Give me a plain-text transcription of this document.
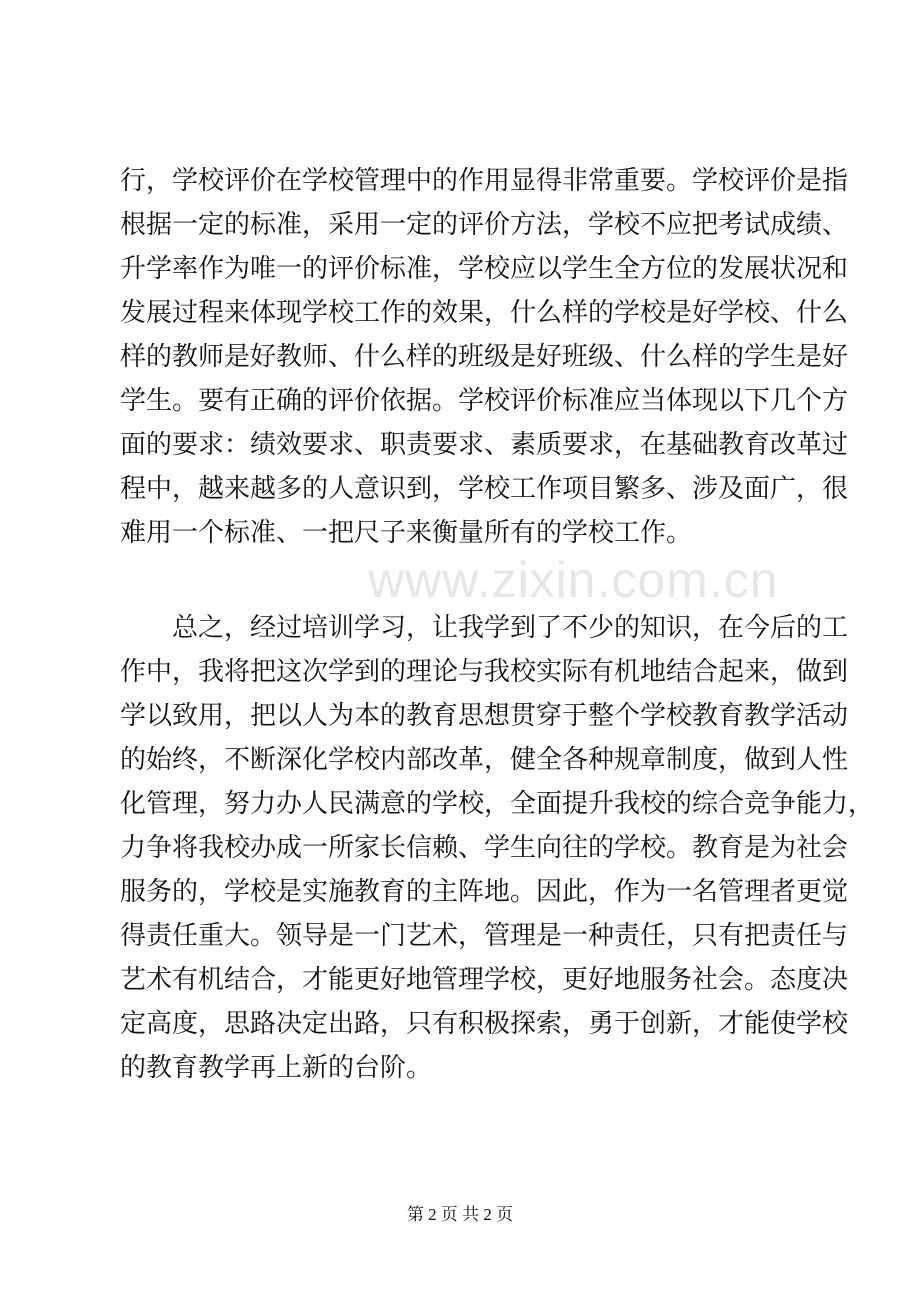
www.zixin.com.cn
行，学校评价在学校管理中的作用显得非常重要。学校评价是指
根据一定的标准，采用一定的评价方法，学校不应把考试成绩、
升学率作为唯一的评价标准，学校应以学生全方位的发展状况和
发展过程来体现学校工作的效果，什么样的学校是好学校、什么
样的教师是好教师、什么样的班级是好班级、什么样的学生是好
学生。要有正确的评价依据。学校评价标准应当体现以下几个方
面的要求：绩效要求、职责要求、素质要求，在基础教育改革过
程中，越来越多的人意识到，学校工作项目繁多、涉及面广，很
难用一个标准、一把尺子来衡量所有的学校工作。
　　总之，经过培训学习，让我学到了不少的知识，在今后的工
作中，我将把这次学到的理论与我校实际有机地结合起来，做到
学以致用，把以人为本的教育思想贯穿于整个学校教育教学活动
的始终，不断深化学校内部改革，健全各种规章制度，做到人性
化管理，努力办人民满意的学校，全面提升我校的综合竞争能力，
力争将我校办成一所家长信赖、学生向往的学校。教育是为社会
服务的，学校是实施教育的主阵地。因此，作为一名管理者更觉
得责任重大。领导是一门艺术，管理是一种责任，只有把责任与
艺术有机结合，才能更好地管理学校，更好地服务社会。态度决
定高度，思路决定出路，只有积极探索，勇于创新，才能使学校
的教育教学再上新的台阶。
第 2 页 共 2 页
